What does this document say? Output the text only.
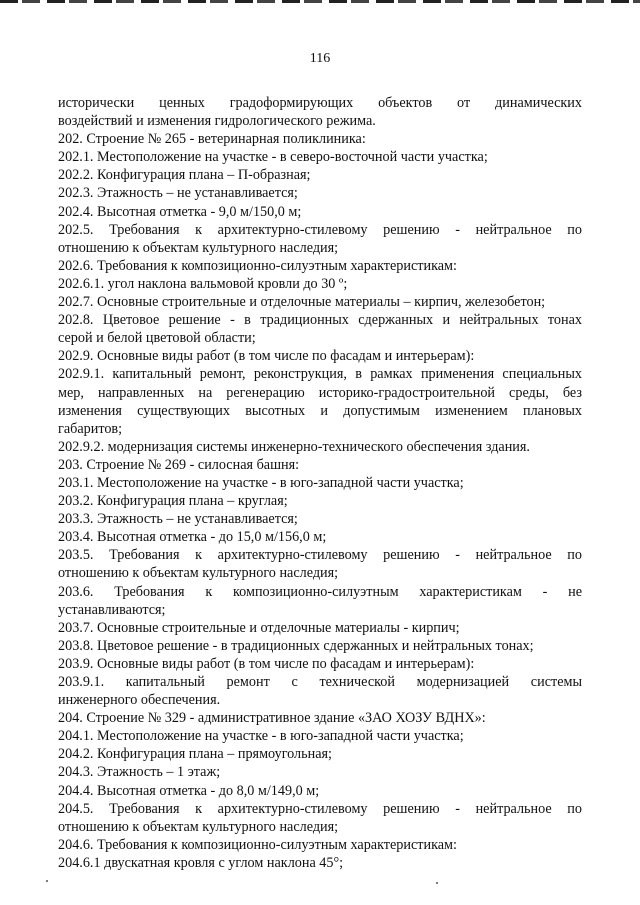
116
исторически ценных градоформирующих объектов от динамических
воздействий и изменения гидрологического режима.
202. Строение № 265 - ветеринарная поликлиника:
202.1. Местоположение на участке - в северо-восточной части участка;
202.2. Конфигурация плана – П-образная;
202.3. Этажность – не устанавливается;
202.4. Высотная отметка - 9,0 м/150,0 м;
202.5. Требования к архитектурно-стилевому решению - нейтральное по
отношению к объектам культурного наследия;
202.6. Требования к композиционно-силуэтным характеристикам:
202.6.1. угол наклона вальмовой кровли до 30 º;
202.7. Основные строительные и отделочные материалы – кирпич, железобетон;
202.8. Цветовое решение - в традиционных сдержанных и нейтральных тонах
серой и белой цветовой области;
202.9. Основные виды работ (в том числе по фасадам и интерьерам):
202.9.1. капитальный ремонт, реконструкция, в рамках применения специальных
мер, направленных на регенерацию историко-градостроительной среды, без
изменения существующих высотных и допустимым изменением плановых
габаритов;
202.9.2. модернизация системы инженерно-технического обеспечения здания.
203. Строение № 269 - силосная башня:
203.1. Местоположение на участке - в юго-западной части участка;
203.2. Конфигурация плана – круглая;
203.3. Этажность – не устанавливается;
203.4. Высотная отметка - до 15,0 м/156,0 м;
203.5. Требования к архитектурно-стилевому решению - нейтральное по
отношению к объектам культурного наследия;
203.6. Требования к композиционно-силуэтным характеристикам - не
устанавливаются;
203.7. Основные строительные и отделочные материалы - кирпич;
203.8. Цветовое решение - в традиционных сдержанных и нейтральных тонах;
203.9. Основные виды работ (в том числе по фасадам и интерьерам):
203.9.1. капитальный ремонт с технической модернизацией системы
инженерного обеспечения.
204. Строение № 329 - административное здание «ЗАО ХОЗУ ВДНХ»:
204.1. Местоположение на участке - в юго-западной части участка;
204.2. Конфигурация плана – прямоугольная;
204.3. Этажность – 1 этаж;
204.4. Высотная отметка - до 8,0 м/149,0 м;
204.5. Требования к архитектурно-стилевому решению - нейтральное по
отношению к объектам культурного наследия;
204.6. Требования к композиционно-силуэтным характеристикам:
204.6.1 двускатная кровля с углом наклона 45°;
